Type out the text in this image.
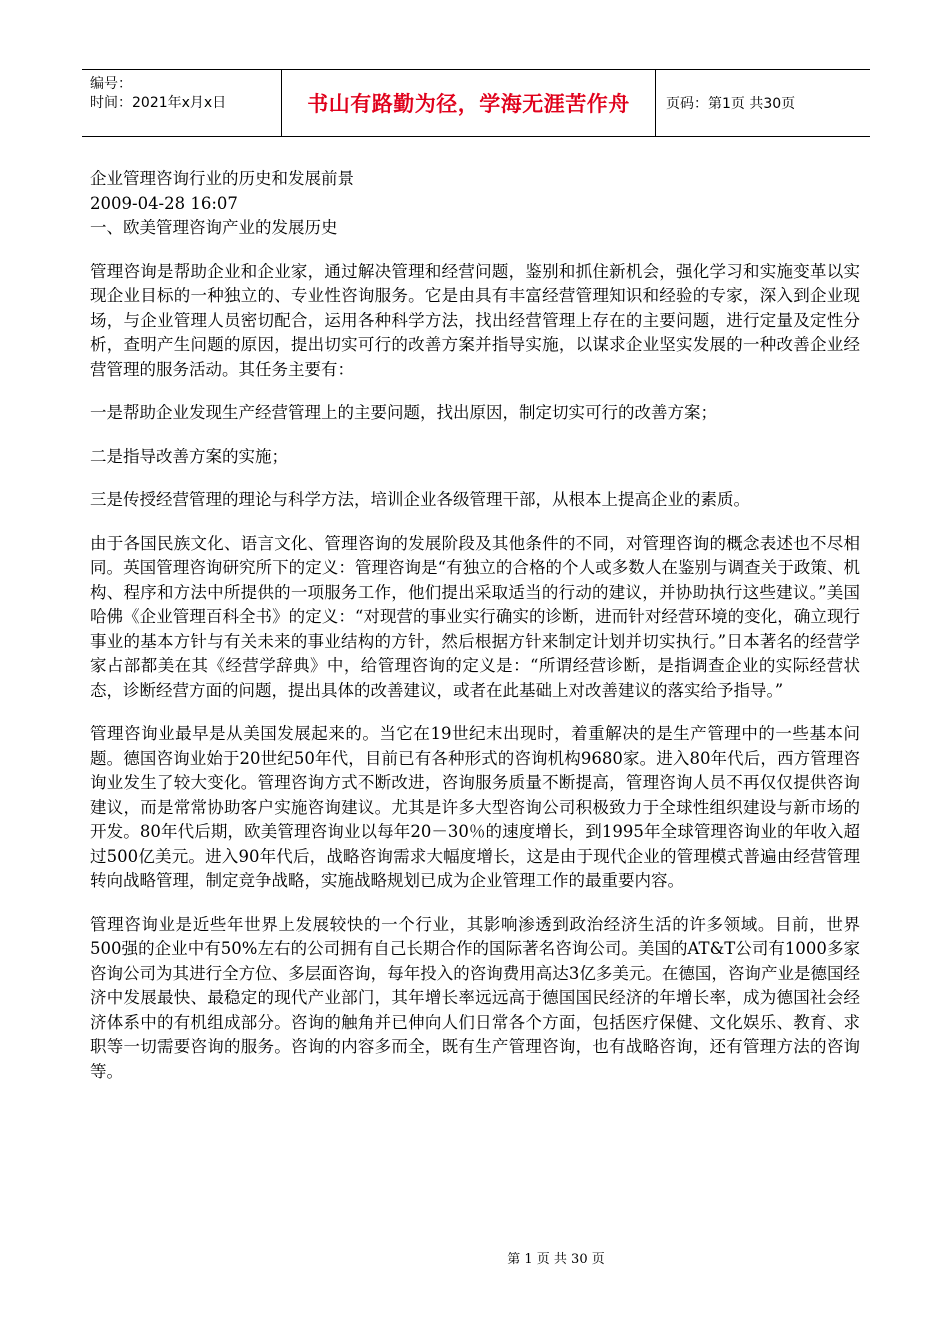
编号：
时间：2021年x月x日	书山有路勤为径，学海无涯苦作舟	页码：第1页 共30页

企业管理咨询行业的历史和发展前景

2009-04-28 16:07

一、欧美管理咨询产业的发展历史

管理咨询是帮助企业和企业家，通过解决管理和经营问题，鉴别和抓住新机会，强化学习和实施变革以实现企业目标的一种独立的、专业性咨询服务。它是由具有丰富经营管理知识和经验的专家，深入到企业现场，与企业管理人员密切配合，运用各种科学方法，找出经营管理上存在的主要问题，进行定量及定性分析，查明产生问题的原因，提出切实可行的改善方案并指导实施，以谋求企业坚实发展的一种改善企业经营管理的服务活动。其任务主要有：

一是帮助企业发现生产经营管理上的主要问题，找出原因，制定切实可行的改善方案；

二是指导改善方案的实施；

三是传授经营管理的理论与科学方法，培训企业各级管理干部，从根本上提高企业的素质。

由于各国民族文化、语言文化、管理咨询的发展阶段及其他条件的不同，对管理咨询的概念表述也不尽相同。英国管理咨询研究所下的定义：管理咨询是“有独立的合格的个人或多数人在鉴别与调查关于政策、机构、程序和方法中所提供的一项服务工作，他们提出采取适当的行动的建议，并协助执行这些建议。”美国哈佛《企业管理百科全书》的定义：“对现营的事业实行确实的诊断，进而针对经营环境的变化，确立现行事业的基本方针与有关未来的事业结构的方针，然后根据方针来制定计划并切实执行。”日本著名的经营学家占部都美在其《经营学辞典》中，给管理咨询的定义是：“所谓经营诊断，是指调查企业的实际经营状态，诊断经营方面的问题，提出具体的改善建议，或者在此基础上对改善建议的落实给予指导。”

管理咨询业最早是从美国发展起来的。当它在19世纪末出现时，着重解决的是生产管理中的一些基本问题。德国咨询业始于20世纪50年代，目前已有各种形式的咨询机构9680家。进入80年代后，西方管理咨询业发生了较大变化。管理咨询方式不断改进，咨询服务质量不断提高，管理咨询人员不再仅仅提供咨询建议，而是常常协助客户实施咨询建议。尤其是许多大型咨询公司积极致力于全球性组织建设与新市场的开发。80年代后期，欧美管理咨询业以每年20－30％的速度增长，到1995年全球管理咨询业的年收入超过500亿美元。进入90年代后，战略咨询需求大幅度增长，这是由于现代企业的管理模式普遍由经营管理转向战略管理，制定竞争战略，实施战略规划已成为企业管理工作的最重要内容。

管理咨询业是近些年世界上发展较快的一个行业，其影响渗透到政治经济生活的许多领域。目前，世界500强的企业中有50%左右的公司拥有自己长期合作的国际著名咨询公司。美国的AT&T公司有1000多家咨询公司为其进行全方位、多层面咨询，每年投入的咨询费用高达3亿多美元。在德国，咨询产业是德国经济中发展最快、最稳定的现代产业部门，其年增长率远远高于德国国民经济的年增长率，成为德国社会经济体系中的有机组成部分。咨询的触角并已伸向人们日常各个方面，包括医疗保健、文化娱乐、教育、求职等一切需要咨询的服务。咨询的内容多而全，既有生产管理咨询，也有战略咨询，还有管理方法的咨询等。

第 1 页 共 30 页
